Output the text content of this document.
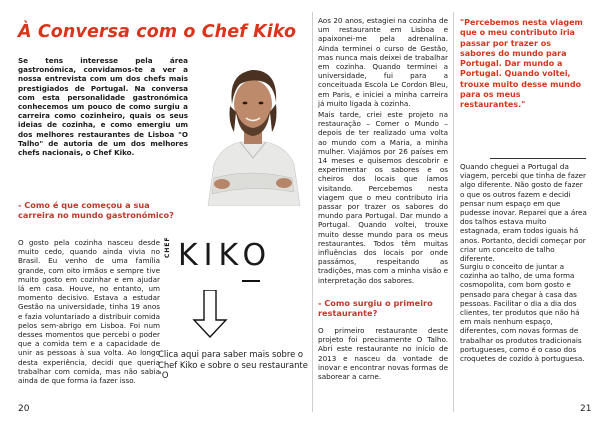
À Conversa com o Chef Kiko

Se tens interesse pela área gastronómica, convidamos-te a ver a nossa entrevista com um dos chefs mais prestigiados de Portugal. Na conversa com esta personalidade gastronómica conhecemos um pouco de como surgiu a carreira como cozinheiro, quais os seus ideias de cozinha, e como emergiu um dos melhores restaurantes de Lisboa "O Talho" de autoria de um dos melhores chefs nacionais, o Chef Kiko.

- Como é que começou a sua carreira no mundo gastronómico?

O gosto pela cozinha nasceu desde muito cedo, quando ainda vivia no Brasil. Eu venho de uma família grande, com oito irmãos e sempre tive muito gosto em cozinhar e em ajudar lá em casa. Houve, no entanto, um momento decisivo. Estava a estudar Gestão na universidade, tinha 19 anos e fazia voluntariado a distribuir comida pelos sem-abrigo em Lisboa. Foi num desses momentos que percebi o poder que a comida tem e a capacidade de unir as pessoas à sua volta. Ao longo desta experiência, decidi que queria trabalhar com comida, mas não sabia ainda de que forma ia fazer isso.

CHEF KIKO

Clica aqui para saber mais sobre o Chef Kiko e sobre o seu restaurante "O

20

Aos 20 anos, estagiei na cozinha de um restaurante em Lisboa e apaixonei-me pela adrenalina. Ainda terminei o curso de Gestão, mas nunca mais deixei de trabalhar em cozinha. Quando terminei a universidade, fui para a conceituada Escola Le Cordon Bleu, em Paris, e iniciei a minha carreira já muito ligada à cozinha.

Mais tarde, criei este projeto na restauração – Comer o Mundo – depois de ter realizado uma volta ao mundo com a Maria, a minha mulher. Viajámos por 26 países em 14 meses e quisemos descobrir e experimentar os sabores e os cheiros dos locais que íamos visitando. Percebemos nesta viagem que o meu contributo iria passar por trazer os sabores do mundo para Portugal. Dar mundo a Portugal. Quando voltei, trouxe muito desse mundo para os meus restaurantes. Todos têm muitas influências dos locais por onde passámos, respeitando as tradições, mas com a minha visão e interpretação dos sabores.

- Como surgiu o primeiro restaurante?

O primeiro restaurante deste projeto foi precisamente O Talho. Abri este restaurante no início de 2013 e nasceu da vontade de inovar e encontrar novas formas de saborear a carne.

"Percebemos nesta viagem que o meu contributo iria passar por trazer os sabores do mundo para Portugal. Dar mundo a Portugal. Quando voltei, trouxe muito desse mundo para os meus restaurantes."

Quando cheguei a Portugal da viagem, percebi que tinha de fazer algo diferente. Não gosto de fazer o que os outros fazem e decidi pensar num espaço em que pudesse inovar. Reparei que a área dos talhos estava muito estagnada, eram todos iguais há anos. Portanto, decidi começar por criar um conceito de talho diferente.

Surgiu o conceito de juntar a cozinha ao talho, de uma forma cosmopolita, com bom gosto e pensado para chegar à casa das pessoas. Facilitar o dia a dia dos clientes, ter produtos que não há em mais nenhum espaço, diferentes, com novas formas de trabalhar os produtos tradicionais portugueses, como é o caso dos croquetes de cozido à portuguesa.

21
